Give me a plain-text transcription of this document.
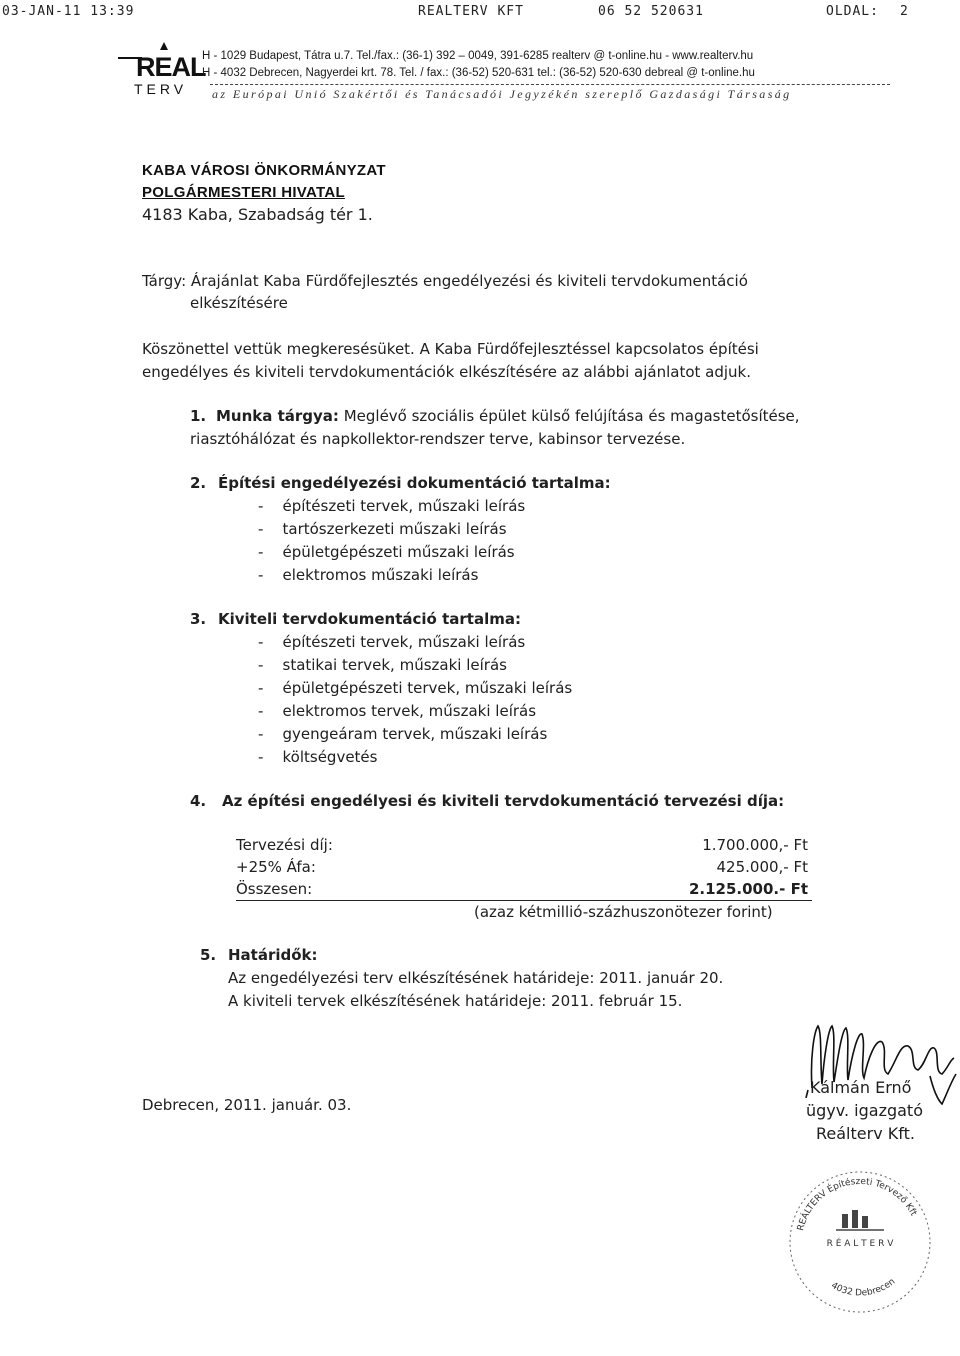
03-JAN-11 13:39	REALTERV KFT	06 52 520631	OLDAL: 2
REAL
TERV
H - 1029 Budapest, Tátra u.7. Tel./fax.: (36-1) 392 – 0049, 391-6285 realterv @ t-online.hu - www.realterv.hu
H - 4032 Debrecen, Nagyerdei krt. 78. Tel. / fax.: (36-52) 520-631 tel.: (36-52) 520-630 debreal @ t-online.hu
az Európai Unió Szakértői és Tanácsadói Jegyzékén szereplő Gazdasági Társaság
KABA VÁROSI ÖNKORMÁNYZAT
POLGÁRMESTERI HIVATAL
4183 Kaba, Szabadság tér 1.
Tárgy: Árajánlat Kaba Fürdőfejlesztés engedélyezési és kiviteli tervdokumentáció
elkészítésére
Köszönettel vettük megkeresésüket. A Kaba Fürdőfejlesztéssel kapcsolatos építési
engedélyes és kiviteli tervdokumentációk elkészítésére az alábbi ajánlatot adjuk.
1. Munka tárgya: Meglévő szociális épület külső felújítása és magastetősítése,
riasztóhálózat és napkollektor-rendszer terve, kabinsor tervezése.
2. Építési engedélyezési dokumentáció tartalma:
-    építészeti tervek, műszaki leírás
-    tartószerkezeti műszaki leírás
-    épületgépészeti műszaki leírás
-    elektromos műszaki leírás
3. Kiviteli tervdokumentáció tartalma:
-    építészeti tervek, műszaki leírás
-    statikai tervek, műszaki leírás
-    épületgépészeti tervek, műszaki leírás
-    elektromos tervek, műszaki leírás
-    gyengeáram tervek, műszaki leírás
-    költségvetés
4. Az építési engedélyesi és kiviteli tervdokumentáció tervezési díja:
Tervezési díj:	1.700.000,- Ft
+25% Áfa:	425.000,- Ft
Összesen:	2.125.000.- Ft
(azaz kétmillió-százhuszonötezer forint)
5. Határidők:
Az engedélyezési terv elkészítésének határideje: 2011. január 20.
A kiviteli tervek elkészítésének határideje: 2011. február 15.
Debrecen, 2011. január. 03.
Kálmán Ernő
ügyv. igazgató
Reálterv Kft.
REÁLTERV Építészeti Tervező Kft
R É A L T E R V
4032 Debrecen
